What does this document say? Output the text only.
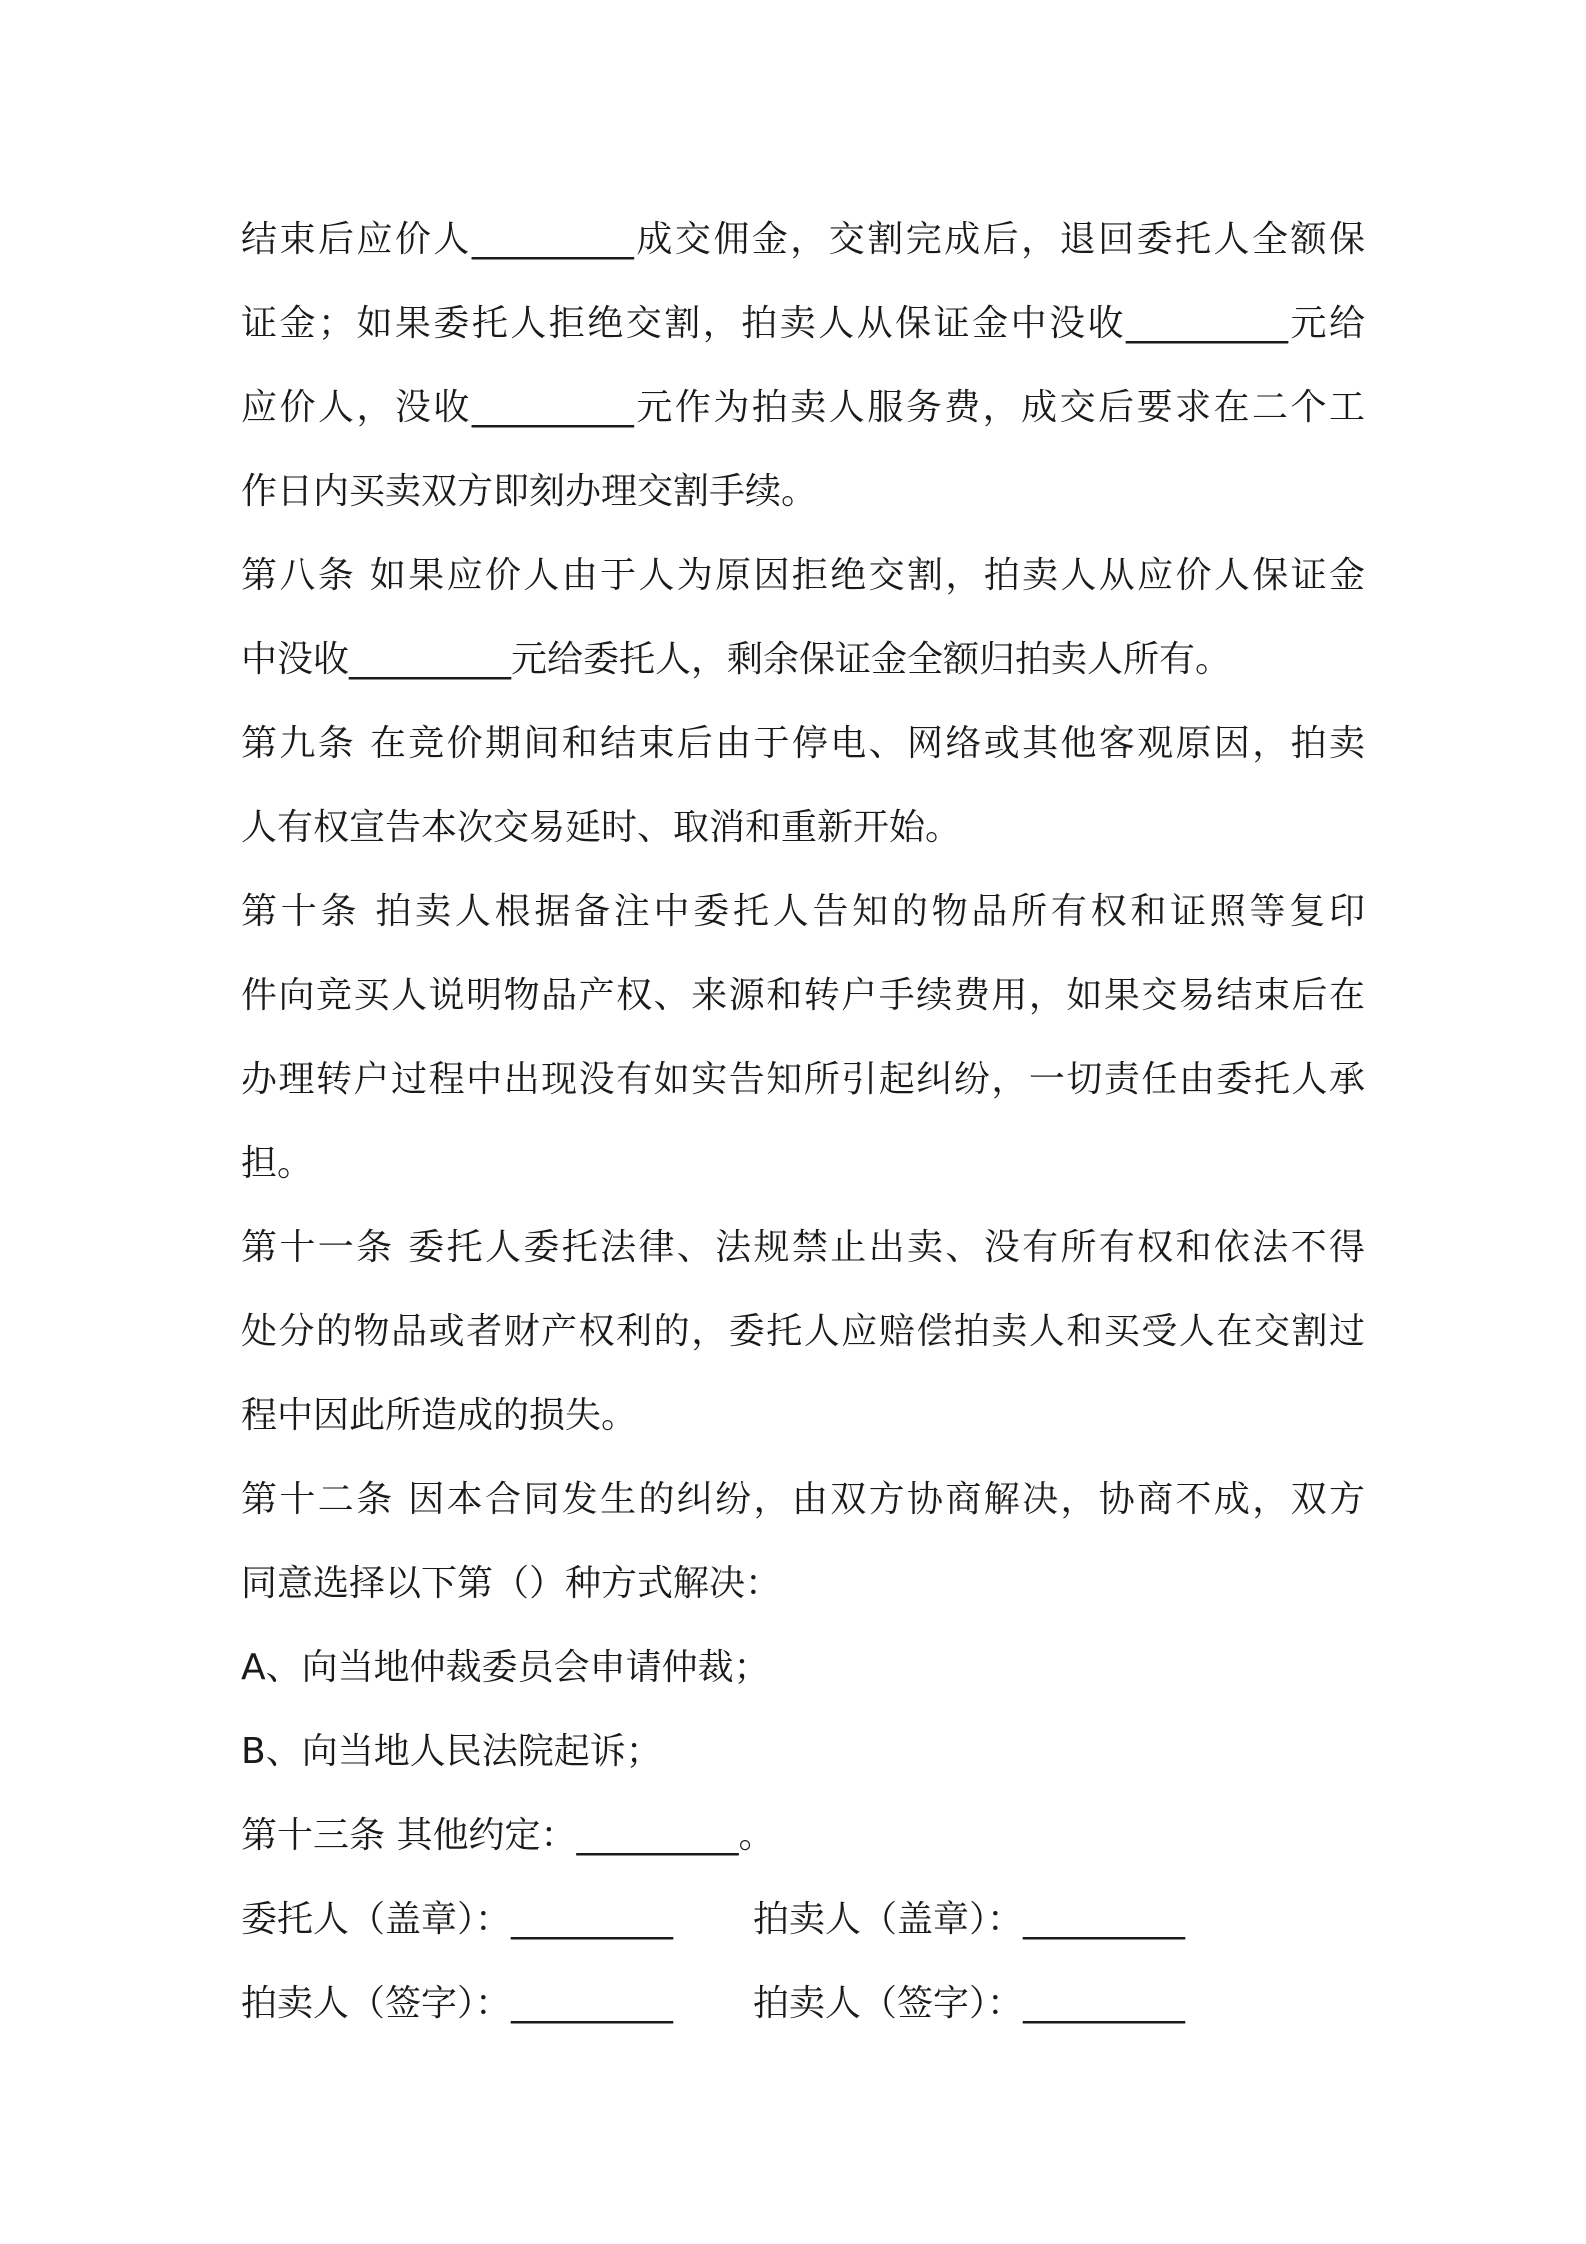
结束后应价人_________成交佣金，交割完成后，退回委托人全额保
证金；如果委托人拒绝交割，拍卖人从保证金中没收_________元给
应价人，没收_________元作为拍卖人服务费，成交后要求在二个工
作日内买卖双方即刻办理交割手续。
第八条 如果应价人由于人为原因拒绝交割，拍卖人从应价人保证金
中没收_________元给委托人，剩余保证金全额归拍卖人所有。
第九条 在竞价期间和结束后由于停电、网络或其他客观原因，拍卖
人有权宣告本次交易延时、取消和重新开始。
第十条 拍卖人根据备注中委托人告知的物品所有权和证照等复印
件向竞买人说明物品产权、来源和转户手续费用，如果交易结束后在
办理转户过程中出现没有如实告知所引起纠纷，一切责任由委托人承
担。
第十一条 委托人委托法律、法规禁止出卖、没有所有权和依法不得
处分的物品或者财产权利的，委托人应赔偿拍卖人和买受人在交割过
程中因此所造成的损失。
第十二条 因本合同发生的纠纷，由双方协商解决，协商不成，双方
同意选择以下第（）种方式解决：
A、向当地仲裁委员会申请仲裁；
B、向当地人民法院起诉；
第十三条 其他约定：_________。
委托人（盖章）：_________ 拍卖人（盖章）：_________
拍卖人（签字）：_________ 拍卖人（签字）：_________
